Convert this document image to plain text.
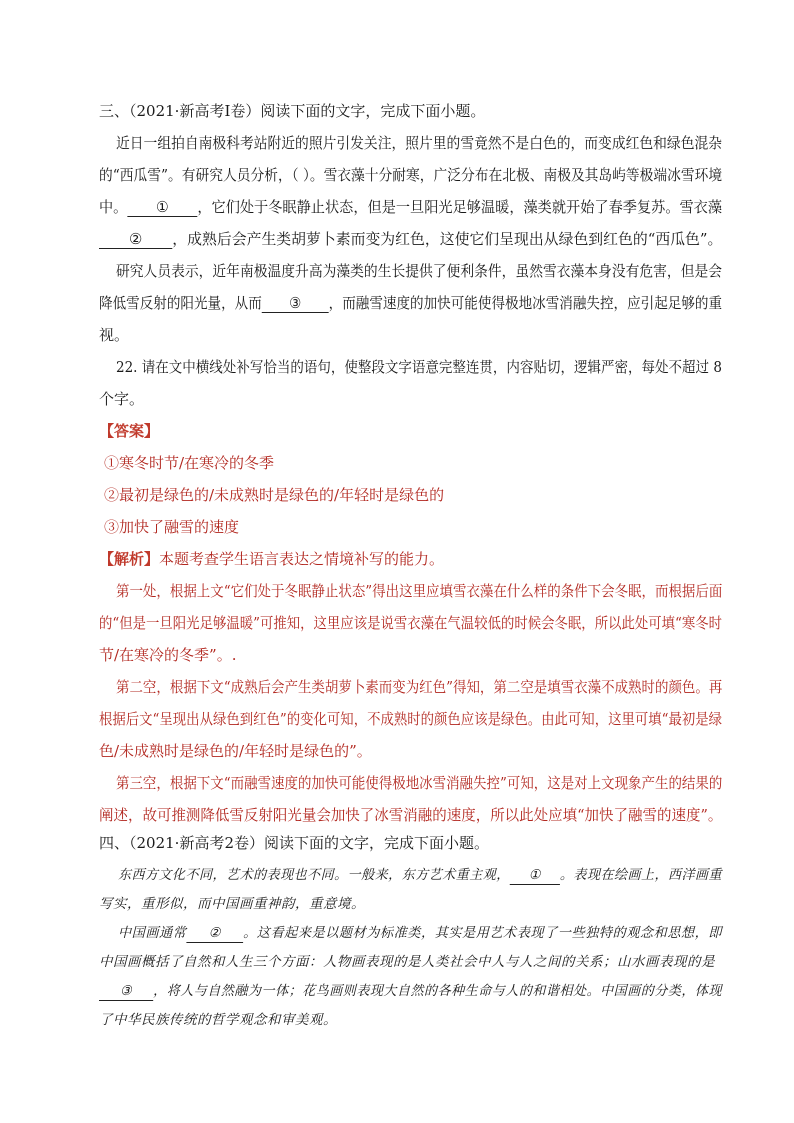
三、（2021·新高考Ⅰ卷）阅读下面的文字，完成下面小题。
近日一组拍自南极科考站附近的照片引发关注，照片里的雪竟然不是白色的，而变成红色和绿色混杂
的“西瓜雪”。有研究人员分析，（ ）。雪衣藻十分耐寒，广泛分布在北极、南极及其岛屿等极端冰雪环境
中。 ① ，它们处于冬眠静止状态，但是一旦阳光足够温暖，藻类就开始了春季复苏。雪衣藻
② ，成熟后会产生类胡萝卜素而变为红色，这使它们呈现出从绿色到红色的“西瓜色”。
研究人员表示，近年南极温度升高为藻类的生长提供了便利条件，虽然雪衣藻本身没有危害，但是会
降低雪反射的阳光量，从而 ③ ，而融雪速度的加快可能使得极地冰雪消融失控，应引起足够的重
视。
22. 请在文中横线处补写恰当的语句，使整段文字语意完整连贯，内容贴切，逻辑严密，每处不超过 8
个字。
【答案】
①寒冬时节/在寒冷的冬季
②最初是绿色的/未成熟时是绿色的/年轻时是绿色的
③加快了融雪的速度
【解析】本题考查学生语言表达之情境补写的能力。
第一处，根据上文“它们处于冬眠静止状态”得出这里应填雪衣藻在什么样的条件下会冬眠，而根据后面
的“但是一旦阳光足够温暖”可推知，这里应该是说雪衣藻在气温较低的时候会冬眠，所以此处可填“寒冬时
节/在寒冷的冬季”。.
第二空，根据下文“成熟后会产生类胡萝卜素而变为红色”得知，第二空是填雪衣藻不成熟时的颜色。再
根据后文“呈现出从绿色到红色”的变化可知，不成熟时的颜色应该是绿色。由此可知，这里可填“最初是绿
色/未成熟时是绿色的/年轻时是绿色的”。
第三空，根据下文“而融雪速度的加快可能使得极地冰雪消融失控”可知，这是对上文现象产生的结果的
阐述，故可推测降低雪反射阳光量会加快了冰雪消融的速度，所以此处应填“加快了融雪的速度”。
四、（2021·新高考2卷）阅读下面的文字，完成下面小题。
东西方文化不同，艺术的表现也不同。一般来，东方艺术重主观， ① 。表现在绘画上，西洋画重
写实，重形似，而中国画重神韵，重意境。
中国画通常 ② 。这看起来是以题材为标准类，其实是用艺术表现了一些独特的观念和思想，即
中国画概括了自然和人生三个方面：人物画表现的是人类社会中人与人之间的关系；山水画表现的是
③ ，将人与自然融为一体；花鸟画则表现大自然的各种生命与人的和谐相处。中国画的分类，体现
了中华民族传统的哲学观念和审美观。
